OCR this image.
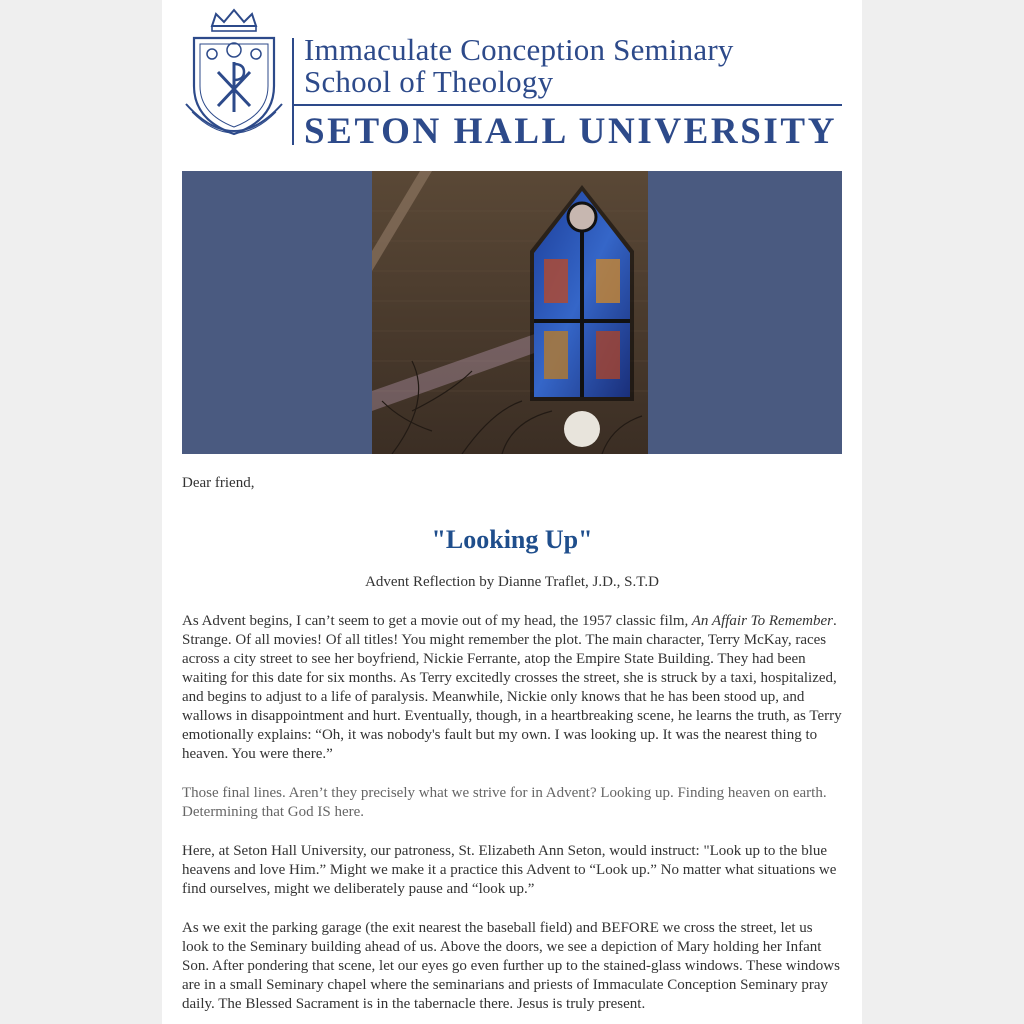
Immaculate Conception Seminary
School of Theology
SETON HALL UNIVERSITY

Dear friend,

"Looking Up"

Advent Reflection by Dianne Traflet, J.D., S.T.D

As Advent begins, I can’t seem to get a movie out of my head, the 1957 classic film, An Affair To Remember. Strange. Of all movies! Of all titles! You might remember the plot. The main character, Terry McKay, races across a city street to see her boyfriend, Nickie Ferrante, atop the Empire State Building. They had been waiting for this date for six months. As Terry excitedly crosses the street, she is struck by a taxi, hospitalized, and begins to adjust to a life of paralysis. Meanwhile, Nickie only knows that he has been stood up, and wallows in disappointment and hurt. Eventually, though, in a heartbreaking scene, he learns the truth, as Terry emotionally explains: “Oh, it was nobody's fault but my own. I was looking up. It was the nearest thing to heaven. You were there.”

Those final lines. Aren’t they precisely what we strive for in Advent? Looking up. Finding heaven on earth. Determining that God IS here.

Here, at Seton Hall University, our patroness, St. Elizabeth Ann Seton, would instruct: "Look up to the blue heavens and love Him.” Might we make it a practice this Advent to “Look up.” No matter what situations we find ourselves, might we deliberately pause and “look up.”

As we exit the parking garage (the exit nearest the baseball field) and BEFORE we cross the street, let us look to the Seminary building ahead of us. Above the doors, we see a depiction of Mary holding her Infant Son. After pondering that scene, let our eyes go even further up to the stained-glass windows. These windows are in a small Seminary chapel where the seminarians and priests of Immaculate Conception Seminary pray daily. The Blessed Sacrament is in the tabernacle there. Jesus is truly present.
